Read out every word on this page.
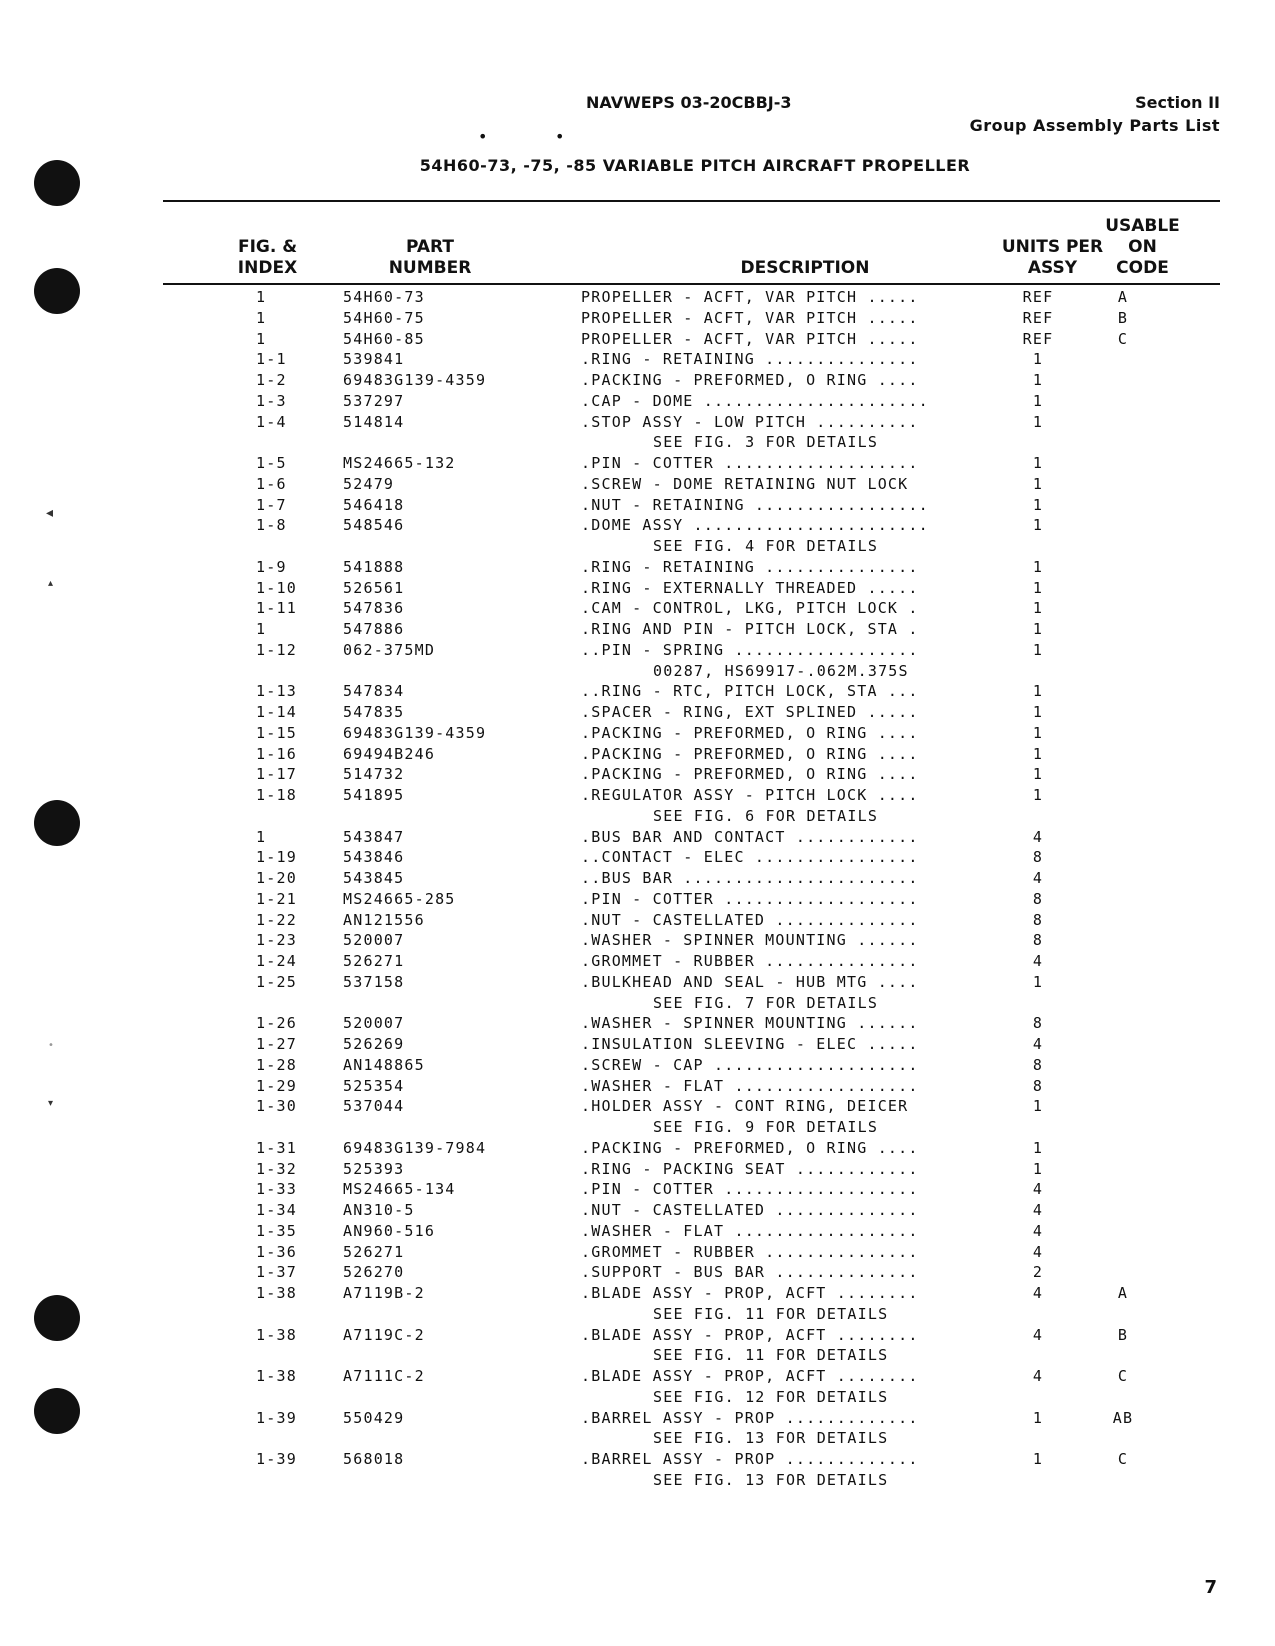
◂
▴
•
▾
NAVWEPS 03-20CBBJ-3	Section II
Group Assembly Parts List
•	•
54H60-73, -75, -85 VARIABLE PITCH AIRCRAFT PROPELLER
FIG. &
INDEX
PART
NUMBER	DESCRIPTION
UNITS PER
ASSY
USABLE
ON
CODE
1	54H60-73	PROPELLER - ACFT, VAR PITCH .....	REF	A
1	54H60-75	PROPELLER - ACFT, VAR PITCH .....	REF	B
1	54H60-85	PROPELLER - ACFT, VAR PITCH .....	REF	C
1-1	539841	.RING - RETAINING ...............	1
1-2	69483G139-4359	.PACKING - PREFORMED, O RING ....	1
1-3	537297	.CAP - DOME ......................	1
1-4	514814	.STOP ASSY - LOW PITCH ..........	1
SEE FIG. 3 FOR DETAILS
1-5	MS24665-132	.PIN - COTTER ...................	1
1-6	52479	.SCREW - DOME RETAINING NUT LOCK	1
1-7	546418	.NUT - RETAINING .................	1
1-8	548546	.DOME ASSY .......................	1
SEE FIG. 4 FOR DETAILS
1-9	541888	.RING - RETAINING ...............	1
1-10	526561	.RING - EXTERNALLY THREADED .....	1
1-11	547836	.CAM - CONTROL, LKG, PITCH LOCK .	1
1	547886	.RING AND PIN - PITCH LOCK, STA .	1
1-12	062-375MD	..PIN - SPRING ..................	1
00287, HS69917-.062M.375S
1-13	547834	..RING - RTC, PITCH LOCK, STA ...	1
1-14	547835	.SPACER - RING, EXT SPLINED .....	1
1-15	69483G139-4359	.PACKING - PREFORMED, O RING ....	1
1-16	69494B246	.PACKING - PREFORMED, O RING ....	1
1-17	514732	.PACKING - PREFORMED, O RING ....	1
1-18	541895	.REGULATOR ASSY - PITCH LOCK ....	1
SEE FIG. 6 FOR DETAILS
1	543847	.BUS BAR AND CONTACT ............	4
1-19	543846	..CONTACT - ELEC ................	8
1-20	543845	..BUS BAR .......................	4
1-21	MS24665-285	.PIN - COTTER ...................	8
1-22	AN121556	.NUT - CASTELLATED ..............	8
1-23	520007	.WASHER - SPINNER MOUNTING ......	8
1-24	526271	.GROMMET - RUBBER ...............	4
1-25	537158	.BULKHEAD AND SEAL - HUB MTG ....	1
SEE FIG. 7 FOR DETAILS
1-26	520007	.WASHER - SPINNER MOUNTING ......	8
1-27	526269	.INSULATION SLEEVING - ELEC .....	4
1-28	AN148865	.SCREW - CAP ....................	8
1-29	525354	.WASHER - FLAT ..................	8
1-30	537044	.HOLDER ASSY - CONT RING, DEICER	1
SEE FIG. 9 FOR DETAILS
1-31	69483G139-7984	.PACKING - PREFORMED, O RING ....	1
1-32	525393	.RING - PACKING SEAT ............	1
1-33	MS24665-134	.PIN - COTTER ...................	4
1-34	AN310-5	.NUT - CASTELLATED ..............	4
1-35	AN960-516	.WASHER - FLAT ..................	4
1-36	526271	.GROMMET - RUBBER ...............	4
1-37	526270	.SUPPORT - BUS BAR ..............	2
1-38	A7119B-2	.BLADE ASSY - PROP, ACFT ........	4	A
SEE FIG. 11 FOR DETAILS
1-38	A7119C-2	.BLADE ASSY - PROP, ACFT ........	4	B
SEE FIG. 11 FOR DETAILS
1-38	A7111C-2	.BLADE ASSY - PROP, ACFT ........	4	C
SEE FIG. 12 FOR DETAILS
1-39	550429	.BARREL ASSY - PROP .............	1	AB
SEE FIG. 13 FOR DETAILS
1-39	568018	.BARREL ASSY - PROP .............	1	C
SEE FIG. 13 FOR DETAILS
7
